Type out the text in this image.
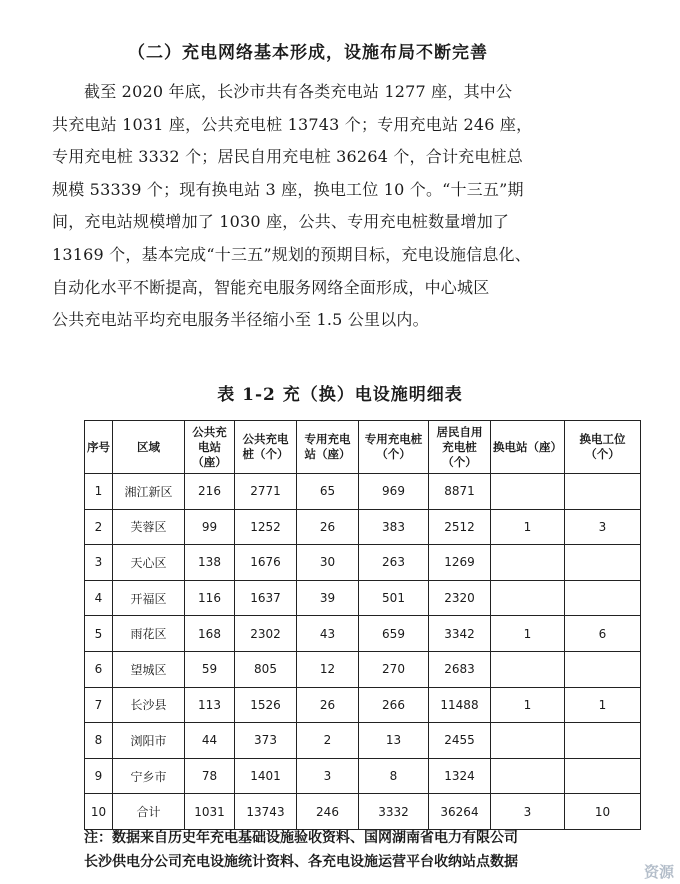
（二）充电网络基本形成，设施布局不断完善

截至 2020 年底，长沙市共有各类充电站 1277 座，其中公
共充电站 1031 座，公共充电桩 13743 个；专用充电站 246 座，
专用充电桩 3332 个；居民自用充电桩 36264 个，合计充电桩总
规模 53339 个；现有换电站 3 座，换电工位 10 个。“十三五”期
间，充电站规模增加了 1030 座，公共、专用充电桩数量增加了
13169 个，基本完成“十三五”规划的预期目标，充电设施信息化、
自动化水平不断提高，智能充电服务网络全面形成，中心城区
公共充电站平均充电服务半径缩小至 1.5 公里以内。

表 1-2 充（换）电设施明细表
序号	区域	公共充电站（座）	公共充电桩（个）	专用充电站（座）	专用充电桩（个）	居民自用充电桩（个）	换电站（座）	换电工位（个）
1	湘江新区	216	2771	65	969	8871		
2	芙蓉区	99	1252	26	383	2512	1	3
3	天心区	138	1676	30	263	1269		
4	开福区	116	1637	39	501	2320		
5	雨花区	168	2302	43	659	3342	1	6
6	望城区	59	805	12	270	2683		
7	长沙县	113	1526	26	266	11488	1	1
8	浏阳市	44	373	2	13	2455		
9	宁乡市	78	1401	3	8	1324		
10	合计	1031	13743	246	3332	36264	3	10

注：数据来自历史年充电基础设施验收资料、国网湖南省电力有限公司
长沙供电分公司充电设施统计资料、各充电设施运营平台收纳站点数据

资源
